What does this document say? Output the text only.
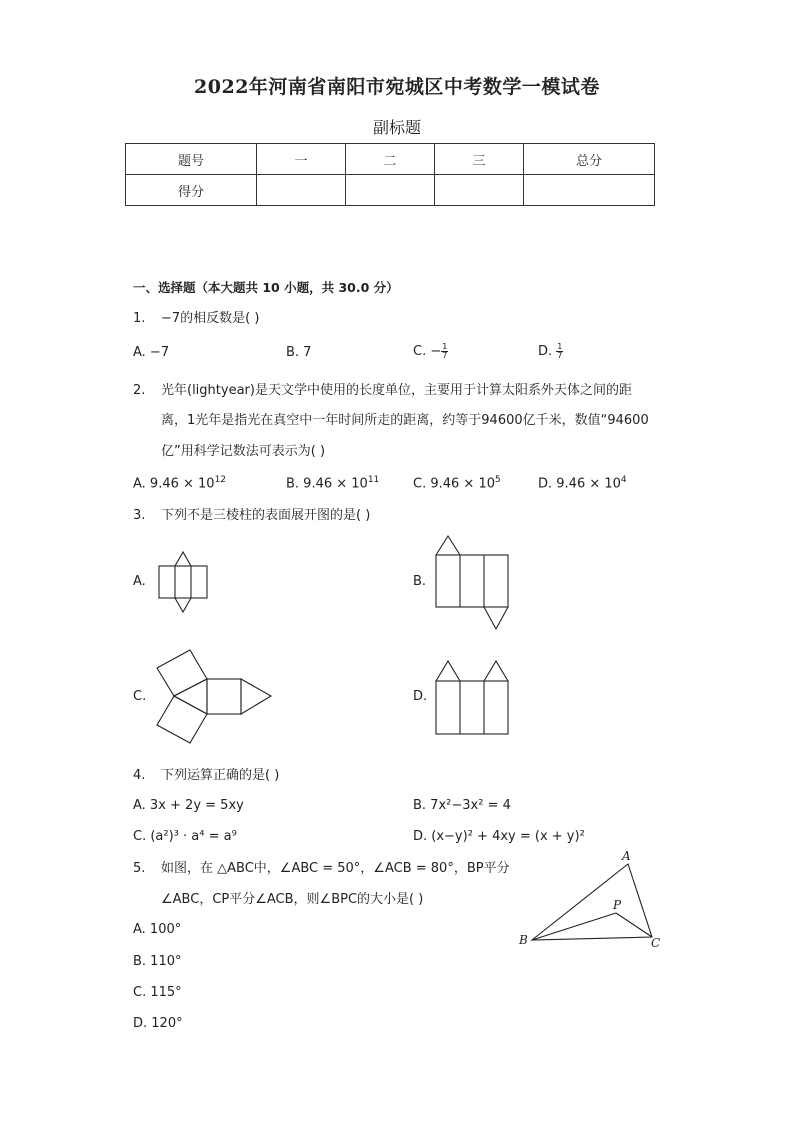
2022年河南省南阳市宛城区中考数学一模试卷
副标题
题号	一	二	三	总分
得分				
一、选择题（本大题共 10 小题，共 30.0 分）
1. −7的相反数是( )
A. −7	B. 7	C. − $\frac{1}{7}$	D. $\frac{1}{7}$
2. 光年(lightyear)是天文学中使用的长度单位，主要用于计算太阳系外天体之间的距
离，1光年是指光在真空中一年时间所走的距离，约等于94600亿千米，数值“94600
亿”用科学记数法可表示为( )
A. $9.46 \times 10^{12}$	B. $9.46 \times 10^{11}$	C. $9.46 \times 10^5$	D. $9.46 \times 10^4$
3. 下列不是三棱柱的表面展开图的是( )
A.	B.
C.	D.
4. 下列运算正确的是( )
A. 3x + 2y = 5xy	B. 7x²−3x² = 4
C. (a²)³ · a⁴ = a⁹	D. (x−y)² + 4xy = (x + y)²
5. 如图，在 △ABC中，∠ABC = 50°，∠ACB = 80°，BP平分
∠ABC，CP平分∠ACB，则∠BPC的大小是( )
A. 100°
B. 110°
C. 115°
D. 120°
A
B	C
P
